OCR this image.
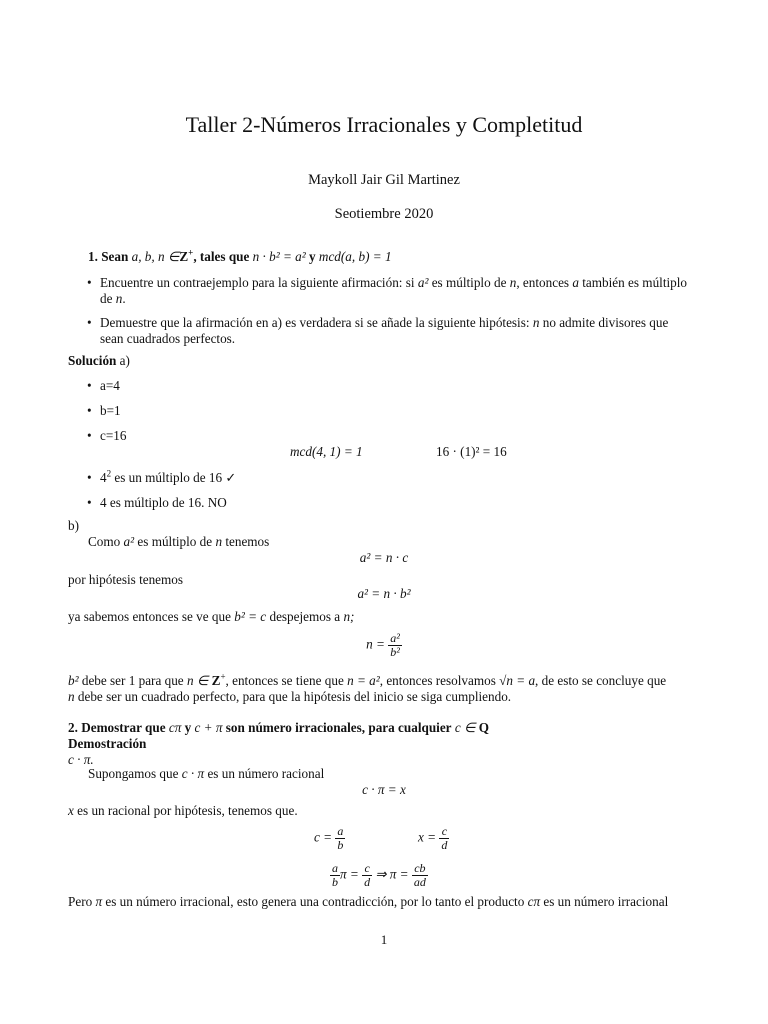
Taller 2-Números Irracionales y Completitud
Maykoll Jair Gil Martinez
Seotiembre 2020
1. Sean a, b, n ∈Z+, tales que n · b² = a² y mcd(a, b) = 1
• Encuentre un contraejemplo para la siguiente afirmación: si a² es múltiplo de n, entonces a también es múltiplo
de n.
• Demuestre que la afirmación en a) es verdadera si se añade la siguiente hipótesis: n no admite divisores que
sean cuadrados perfectos.
Solución a)
• a=4
• b=1
• c=16
mcd(4, 1) = 1	16 · (1)² = 16
• $4^2$ es un múltiplo de 16 ✓
• 4 es múltiplo de 16. NO
b)
Como a² es múltiplo de n tenemos
a² = n · c
por hipótesis tenemos
a² = n · b²
ya sabemos entonces se ve que b² = c despejemos a n;
$n = \frac{\text{a²}}{\text{b²}}$
b² debe ser 1 para que n ∈ Z+, entonces se tiene que n = a², entonces resolvamos √n = a, de esto se concluye que
n debe ser un cuadrado perfecto, para que la hipótesis del inicio se siga cumpliendo.
2. Demostrar que cπ y c + π son número irracionales, para cualquier c ∈ Q
Demostración
c · π.
Supongamos que c · π es un número racional
c · π = x
x es un racional por hipótesis, tenemos que.
$c = \frac{a}{b}$	$x = \frac{c}{d}$
$\frac{a}{b}$ $\pi = \frac{c}{d}$ ⇒ $\pi = \frac{cb}{ad}$
Pero π es un número irracional, esto genera una contradicción, por lo tanto el producto cπ es un número irracional
1
